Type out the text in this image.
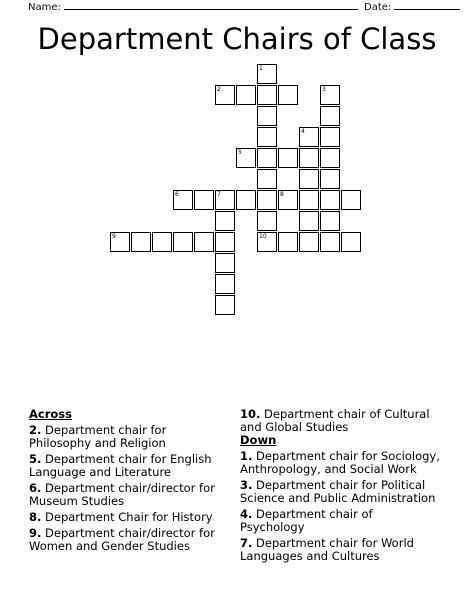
Name:	Date:
Department Chairs of Class
1
2	3
4
5
6	7	8
9	10
Across
2. Department chair for Philosophy and Religion
5. Department chair for English Language and Literature
6. Department chair/director for Museum Studies
8. Department Chair for History
9. Department chair/director for Women and Gender Studies
10. Department chair of Cultural and Global Studies
Down
1. Department chair for Sociology, Anthropology, and Social Work
3. Department chair for Political Science and Public Administration
4. Department chair of Psychology
7. Department chair for World Languages and Cultures
